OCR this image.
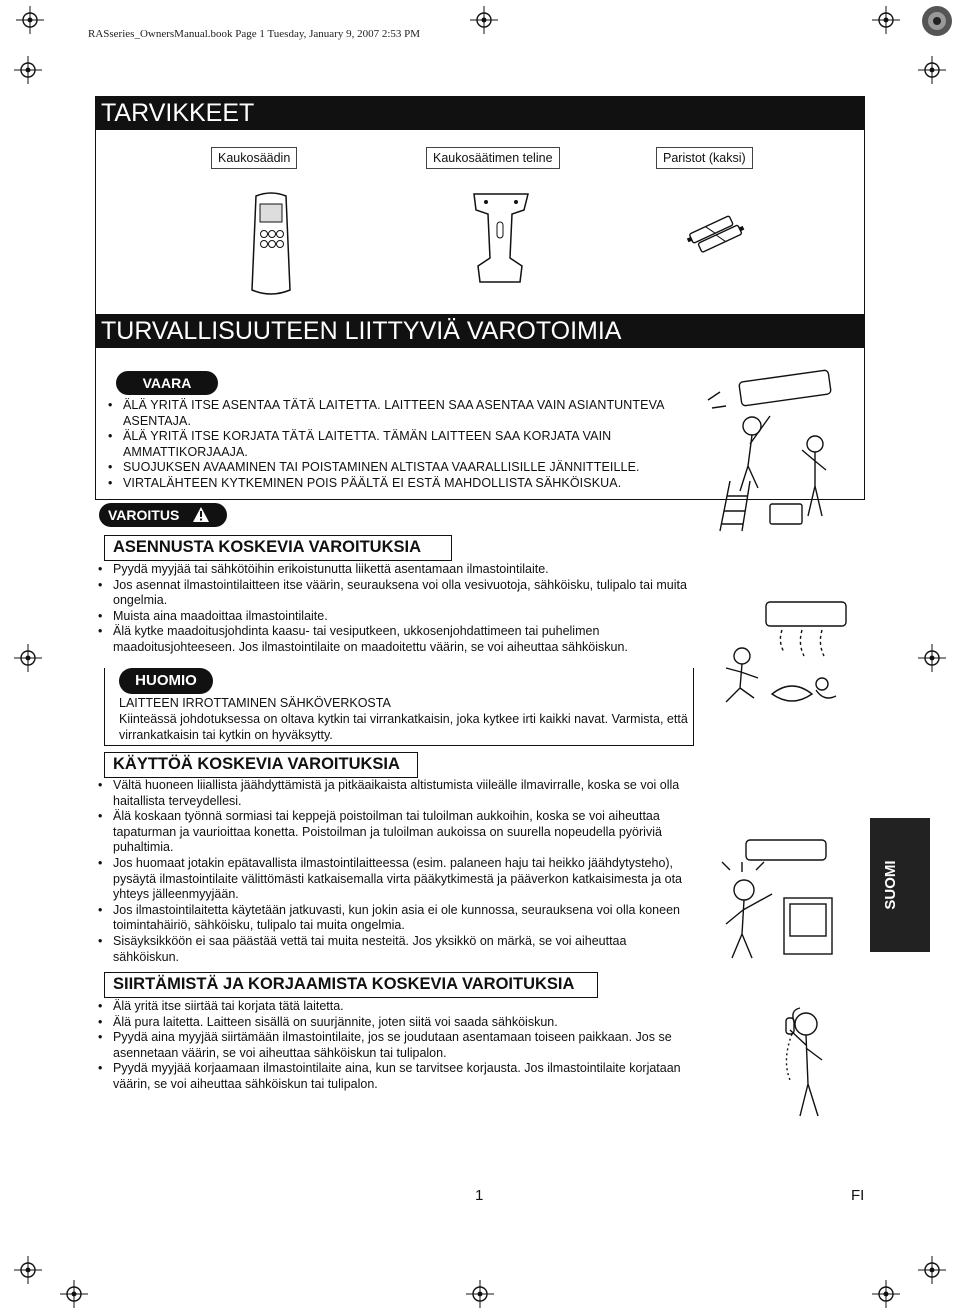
RASseries_OwnersManual.book Page 1 Tuesday, January 9, 2007 2:53 PM
TARVIKKEET
Kaukosäädin	Kaukosäätimen teline	Paristot (kaksi)
TURVALLISUUTEEN LIITTYVIÄ VAROTOIMIA
VAARA
• ÄLÄ YRITÄ ITSE ASENTAA TÄTÄ LAITETTA. LAITTEEN SAA ASENTAA VAIN ASIANTUNTEVA ASENTAJA.
• ÄLÄ YRITÄ ITSE KORJATA TÄTÄ LAITETTA. TÄMÄN LAITTEEN SAA KORJATA VAIN AMMATTIKORJAAJA.
• SUOJUKSEN AVAAMINEN TAI POISTAMINEN ALTISTAA VAARALLISILLE JÄNNITTEILLE.
• VIRTALÄHTEEN KYTKEMINEN POIS PÄÄLTÄ EI ESTÄ MAHDOLLISTA SÄHKÖISKUA.
VAROITUS
ASENNUSTA KOSKEVIA VAROITUKSIA
• Pyydä myyjää tai sähkötöihin erikoistunutta liikettä asentamaan ilmastointilaite.
• Jos asennat ilmastointilaitteen itse väärin, seurauksena voi olla vesivuotoja, sähköisku, tulipalo tai muita ongelmia.
• Muista aina maadoittaa ilmastointilaite.
• Älä kytke maadoitusjohdinta kaasu- tai vesiputkeen, ukkosenjohdattimeen tai puhelimen maadoitusjohteeseen. Jos ilmastointilaite on maadoitettu väärin, se voi aiheuttaa sähköiskun.
HUOMIO
LAITTEEN IRROTTAMINEN SÄHKÖVERKOSTA
Kiinteässä johdotuksessa on oltava kytkin tai virrankatkaisin, joka kytkee irti kaikki navat. Varmista, että virrankatkaisin tai kytkin on hyväksytty.
KÄYTTÖÄ KOSKEVIA VAROITUKSIA
• Vältä huoneen liiallista jäähdyttämistä ja pitkäaikaista altistumista viileälle ilmavirralle, koska se voi olla haitallista terveydellesi.
• Älä koskaan työnnä sormiasi tai keppejä poistoilman tai tuloilman aukkoihin, koska se voi aiheuttaa tapaturman ja vaurioittaa konetta. Poistoilman ja tuloilman aukoissa on suurella nopeudella pyöriviä puhaltimia.
• Jos huomaat jotakin epätavallista ilmastointilaitteessa (esim. palaneen haju tai heikko jäähdytysteho), pysäytä ilmastointilaite välittömästi katkaisemalla virta pääkytkimestä ja pääverkon katkaisimesta ja ota yhteys jälleenmyyjään.
• Jos ilmastointilaitetta käytetään jatkuvasti, kun jokin asia ei ole kunnossa, seurauksena voi olla koneen toimintahäiriö, sähköisku, tulipalo tai muita ongelmia.
• Sisäyksikköön ei saa päästää vettä tai muita nesteitä. Jos yksikkö on märkä, se voi aiheuttaa sähköiskun.
SIIRTÄMISTÄ JA KORJAAMISTA KOSKEVIA VAROITUKSIA
• Älä yritä itse siirtää tai korjata tätä laitetta.
• Älä pura laitetta. Laitteen sisällä on suurjännite, joten siitä voi saada sähköiskun.
• Pyydä aina myyjää siirtämään ilmastointilaite, jos se joudutaan asentamaan toiseen paikkaan. Jos se asennetaan väärin, se voi aiheuttaa sähköiskun tai tulipalon.
• Pyydä myyjää korjaamaan ilmastointilaite aina, kun se tarvitsee korjausta. Jos ilmastointilaite korjataan väärin, se voi aiheuttaa sähköiskun tai tulipalon.
SUOMI
1	FI
